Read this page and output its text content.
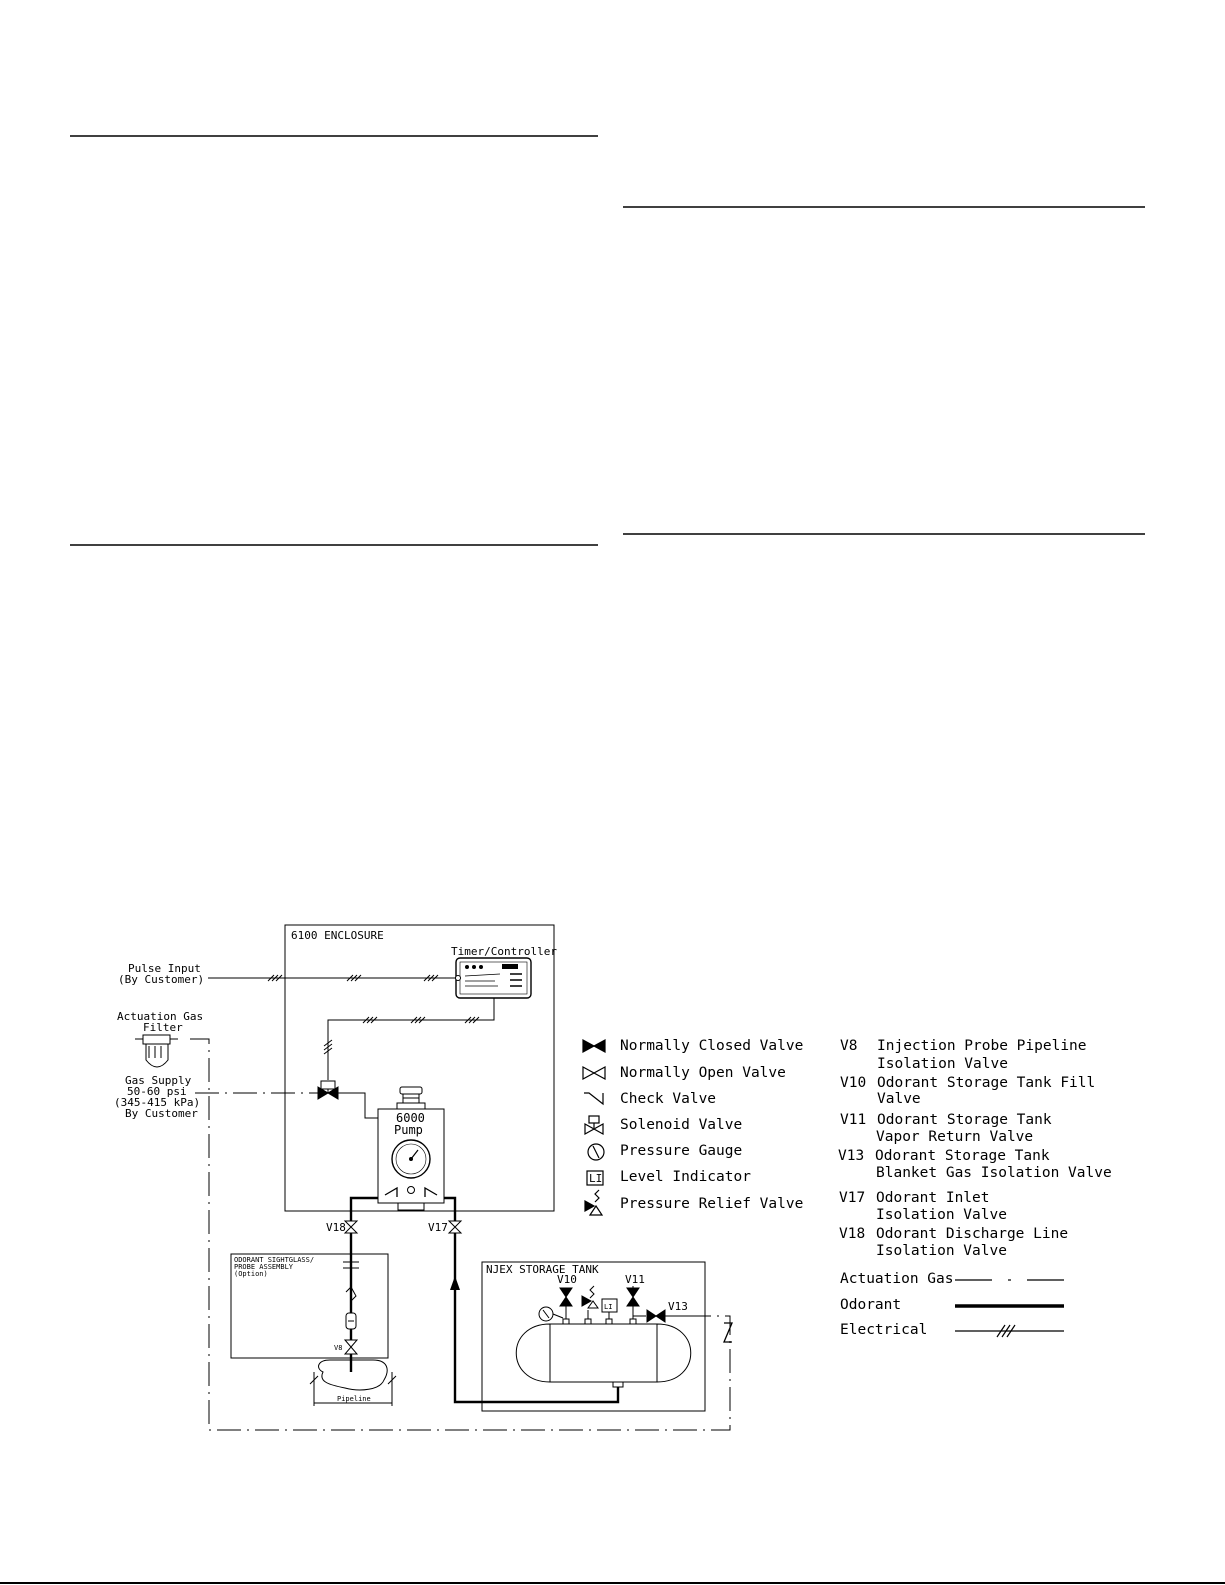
6100 ENCLOSURE
Timer/Controller
Pulse Input
(By Customer)
Actuation Gas
Filter
Gas Supply
50-60 psi
(345-415 kPa)
By Customer	6000
Pump
V18	V17
ODORANT SIGHTGLASS/
PROBE ASSEMBLY
(Option)
V8
Pipeline
NJEX STORAGE TANK
V10
LI
V11
V13
LI
Normally Closed Valve
Normally Open Valve
Check Valve
Solenoid Valve
Pressure Gauge
Level Indicator
Pressure Relief Valve
V8 Injection Probe Pipeline
Isolation Valve
V10 Odorant Storage Tank Fill
Valve
V11 Odorant Storage Tank
Vapor Return Valve
V13 Odorant Storage Tank
Blanket Gas Isolation Valve
V17 Odorant Inlet
Isolation Valve
V18 Odorant Discharge Line
Isolation Valve
Actuation Gas
Odorant
Electrical
